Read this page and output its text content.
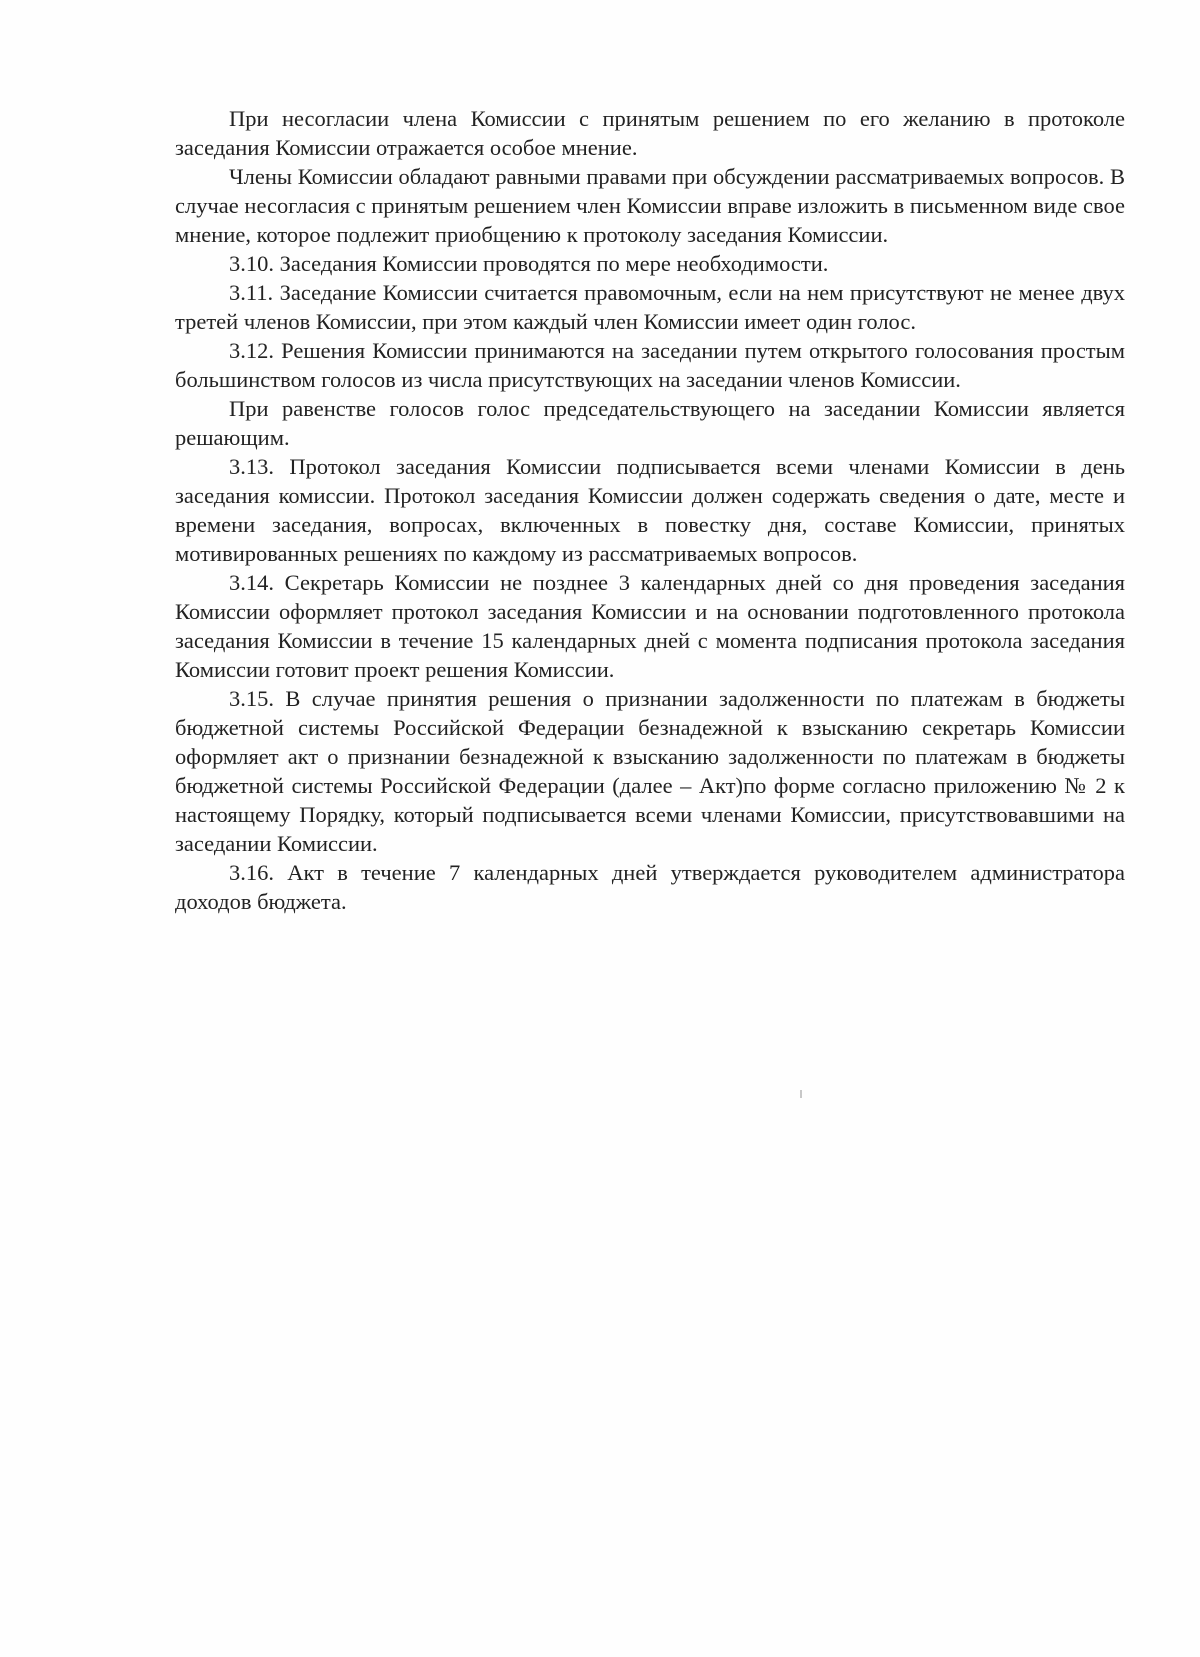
При несогласии члена Комиссии с принятым решением по его желанию в протоколе заседания Комиссии отражается особое мнение.

Члены Комиссии обладают равными правами при обсуждении рассматриваемых вопросов. В случае несогласия с принятым решением член Комиссии вправе изложить в письменном виде свое мнение, которое подлежит приобщению к протоколу заседания Комиссии.

3.10. Заседания Комиссии проводятся по мере необходимости.

3.11. Заседание Комиссии считается правомочным, если на нем присутствуют не менее двух третей членов Комиссии, при этом каждый член Комиссии имеет один голос.

3.12. Решения Комиссии принимаются на заседании путем открытого голосования простым большинством голосов из числа присутствующих на заседании членов Комиссии.

При равенстве голосов голос председательствующего на заседании Комиссии является решающим.

3.13. Протокол заседания Комиссии подписывается всеми членами Комиссии в день заседания комиссии. Протокол заседания Комиссии должен содержать сведения о дате, месте и времени заседания, вопросах, включенных в повестку дня, составе Комиссии, принятых мотивированных решениях по каждому из рассматриваемых вопросов.

3.14. Секретарь Комиссии не позднее 3 календарных дней со дня проведения заседания Комиссии оформляет протокол заседания Комиссии и на основании подготовленного протокола заседания Комиссии в течение 15 календарных дней с момента подписания протокола заседания Комиссии готовит проект решения Комиссии.

3.15. В случае принятия решения о признании задолженности по платежам в бюджеты бюджетной системы Российской Федерации безнадежной к взысканию секретарь Комиссии оформляет акт о признании безнадежной к взысканию задолженности по платежам в бюджеты бюджетной системы Российской Федерации (далее – Акт)по форме согласно приложению № 2 к настоящему Порядку, который подписывается всеми членами Комиссии, присутствовавшими на заседании Комиссии.

3.16. Акт в течение 7 календарных дней утверждается руководителем администратора доходов бюджета.
